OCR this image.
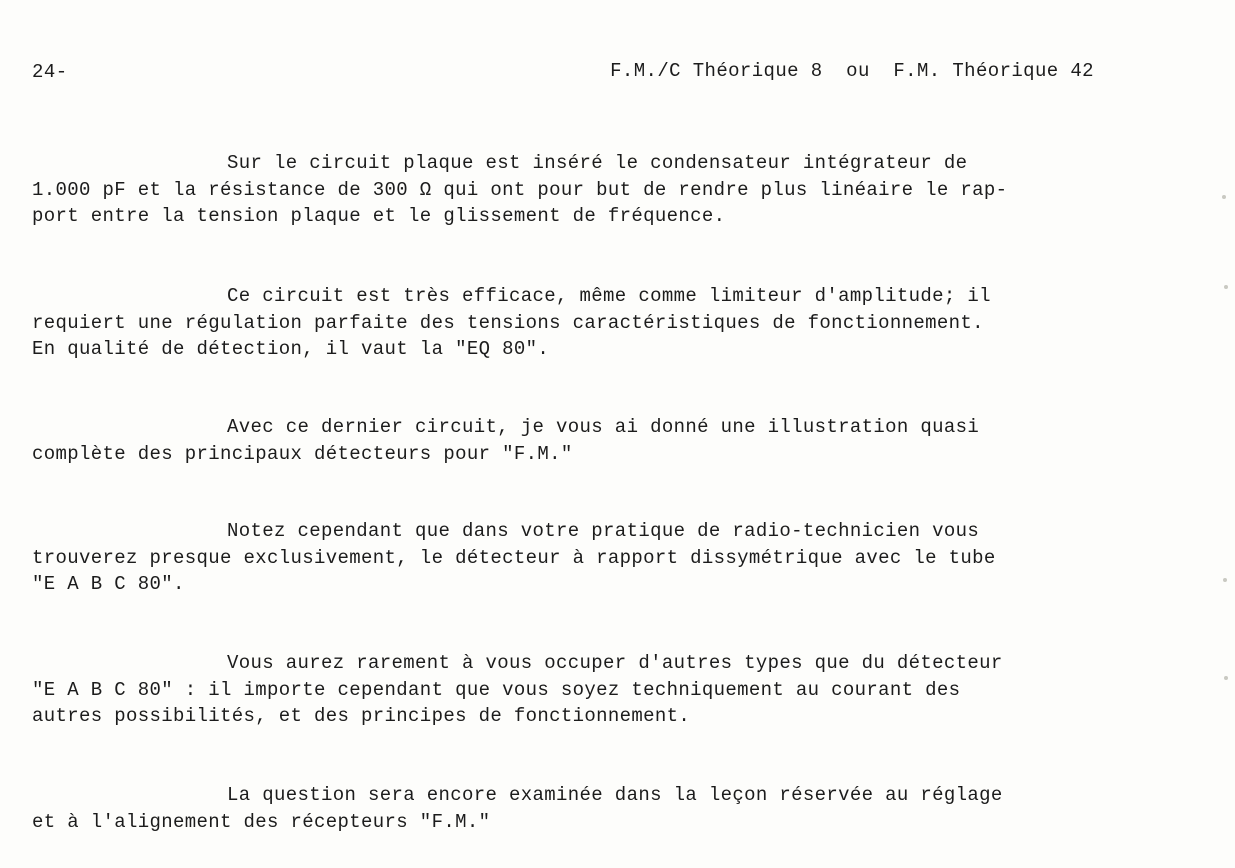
24-	F.M./C Théorique 8  ou  F.M. Théorique 42
Sur le circuit plaque est inséré le condensateur intégrateur de
1.000 pF et la résistance de 300 Ω qui ont pour but de rendre plus linéaire le rap-
port entre la tension plaque et le glissement de fréquence.
Ce circuit est très efficace, même comme limiteur d'amplitude; il
requiert une régulation parfaite des tensions caractéristiques de fonctionnement.
En qualité de détection, il vaut la "EQ 80".
Avec ce dernier circuit, je vous ai donné une illustration quasi
complète des principaux détecteurs pour "F.M."
Notez cependant que dans votre pratique de radio-technicien vous
trouverez presque exclusivement, le détecteur à rapport dissymétrique avec le tube
"E A B C 80".
Vous aurez rarement à vous occuper d'autres types que du détecteur
"E A B C 80" : il importe cependant que vous soyez techniquement au courant des
autres possibilités, et des principes de fonctionnement.
La question sera encore examinée dans la leçon réservée au réglage
et à l'alignement des récepteurs "F.M."
